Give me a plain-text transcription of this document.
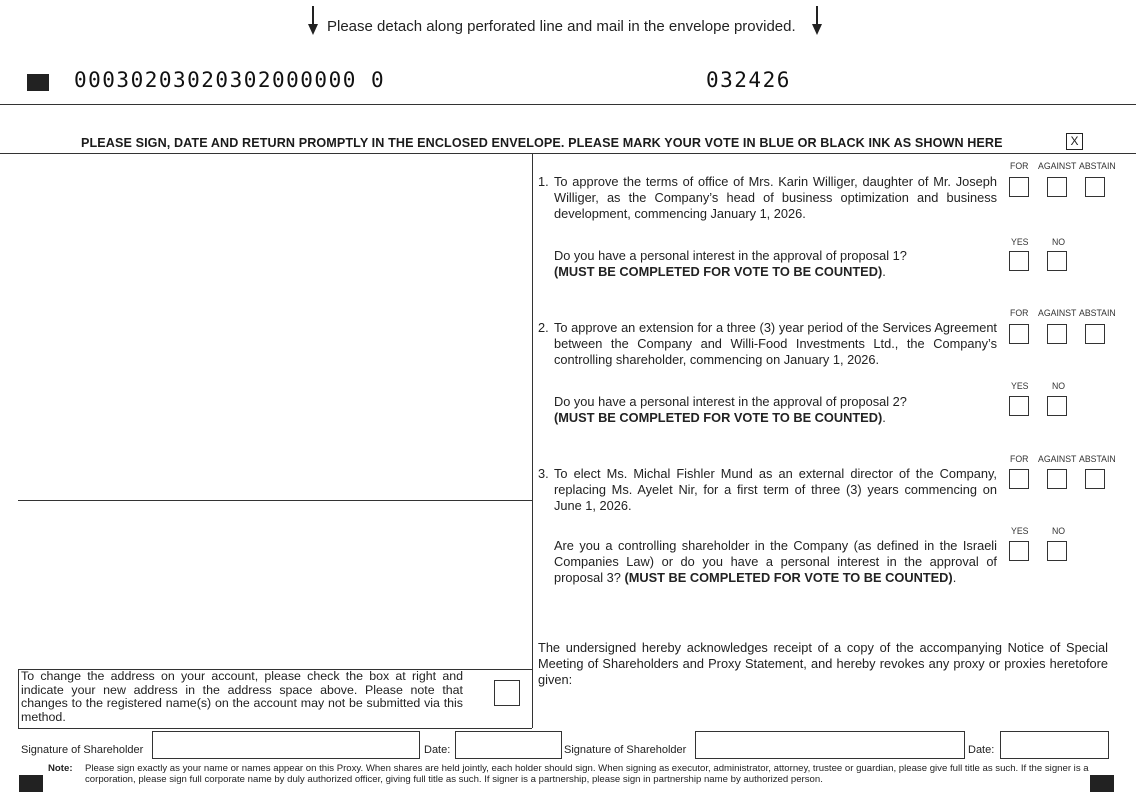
Please detach along perforated line and mail in the envelope provided.
00030203020302000000 0	032426
PLEASE SIGN, DATE AND RETURN PROMPTLY IN THE ENCLOSED ENVELOPE. PLEASE MARK YOUR VOTE IN BLUE OR BLACK INK AS SHOWN HERE	X
To change the address on your account, please check the box at right and indicate your new address in the address space above. Please note that changes to the registered name(s) on the account may not be submitted via this method.
FOR AGAINST ABSTAIN
1. To approve the terms of office of Mrs. Karin Williger, daughter of Mr. Joseph Williger, as the Company’s head of business optimization and business development, commencing January 1, 2026.
YES NO
Do you have a personal interest in the approval of proposal 1?
(MUST BE COMPLETED FOR VOTE TO BE COUNTED).
FOR AGAINST ABSTAIN
2. To approve an extension for a three (3) year period of the Services Agreement between the Company and Willi-Food Investments Ltd., the Company’s controlling shareholder, commencing on January 1, 2026.
YES NO
Do you have a personal interest in the approval of proposal 2?
(MUST BE COMPLETED FOR VOTE TO BE COUNTED).
FOR AGAINST ABSTAIN
3. To elect Ms. Michal Fishler Mund as an external director of the Company, replacing Ms. Ayelet Nir, for a first term of three (3) years commencing on June 1, 2026.
YES NO
Are you a controlling shareholder in the Company (as defined in the Israeli Companies Law) or do you have a personal interest in the approval of proposal 3? (MUST BE COMPLETED FOR VOTE TO BE COUNTED).
The undersigned hereby acknowledges receipt of a copy of the accompanying Notice of Special Meeting of Shareholders and Proxy Statement, and hereby revokes any proxy or proxies heretofore given:
Signature of Shareholder	Date:	Signature of Shareholder	Date:
Note: Please sign exactly as your name or names appear on this Proxy. When shares are held jointly, each holder should sign. When signing as executor, administrator, attorney, trustee or guardian, please give full title as such. If the signer is a corporation, please sign full corporate name by duly authorized officer, giving full title as such. If signer is a partnership, please sign in partnership name by authorized person.
